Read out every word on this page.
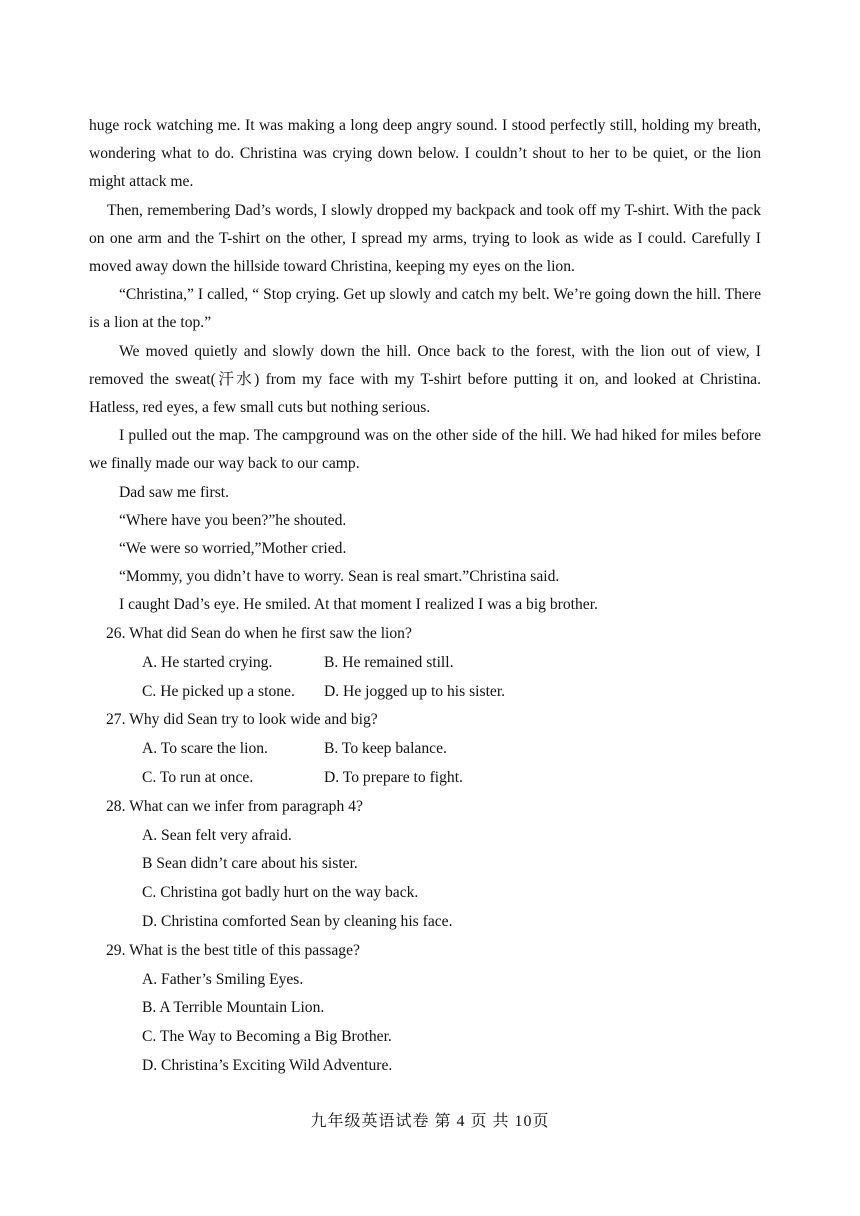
huge rock watching me. It was making a long deep angry sound. I stood perfectly still, holding my breath, wondering what to do. Christina was crying down below. I couldn’t shout to her to be quiet, or the lion might attack me.

Then, remembering Dad’s words, I slowly dropped my backpack and took off my T-shirt. With the pack on one arm and the T-shirt on the other, I spread my arms, trying to look as wide as I could. Carefully I moved away down the hillside toward Christina, keeping my eyes on the lion.

“Christina,” I called, “ Stop crying. Get up slowly and catch my belt. We’re going down the hill. There is a lion at the top.”

We moved quietly and slowly down the hill. Once back to the forest, with the lion out of view, I removed the sweat(汗水) from my face with my T-shirt before putting it on, and looked at Christina. Hatless, red eyes, a few small cuts but nothing serious.

I pulled out the map. The campground was on the other side of the hill. We had hiked for miles before we finally made our way back to our camp.

Dad saw me first.

“Where have you been?”he shouted.

“We were so worried,”Mother cried.

“Mommy, you didn’t have to worry. Sean is real smart.”Christina said.

I caught Dad’s eye. He smiled. At that moment I realized I was a big brother.

26. What did Sean do when he first saw the lion?

A. He started crying.	B. He remained still.
C. He picked up a stone.	D. He jogged up to his sister.

27. Why did Sean try to look wide and big?

A. To scare the lion.	B. To keep balance.
C. To run at once.	D. To prepare to fight.

28. What can we infer from paragraph 4?

A. Sean felt very afraid.

B Sean didn’t care about his sister.

C. Christina got badly hurt on the way back.

D. Christina comforted Sean by cleaning his face.

29. What is the best title of this passage?

A. Father’s Smiling Eyes.

B. A Terrible Mountain Lion.

C. The Way to Becoming a Big Brother.

D. Christina’s Exciting Wild Adventure.

九年级英语试卷 第 4 页 共 10页
